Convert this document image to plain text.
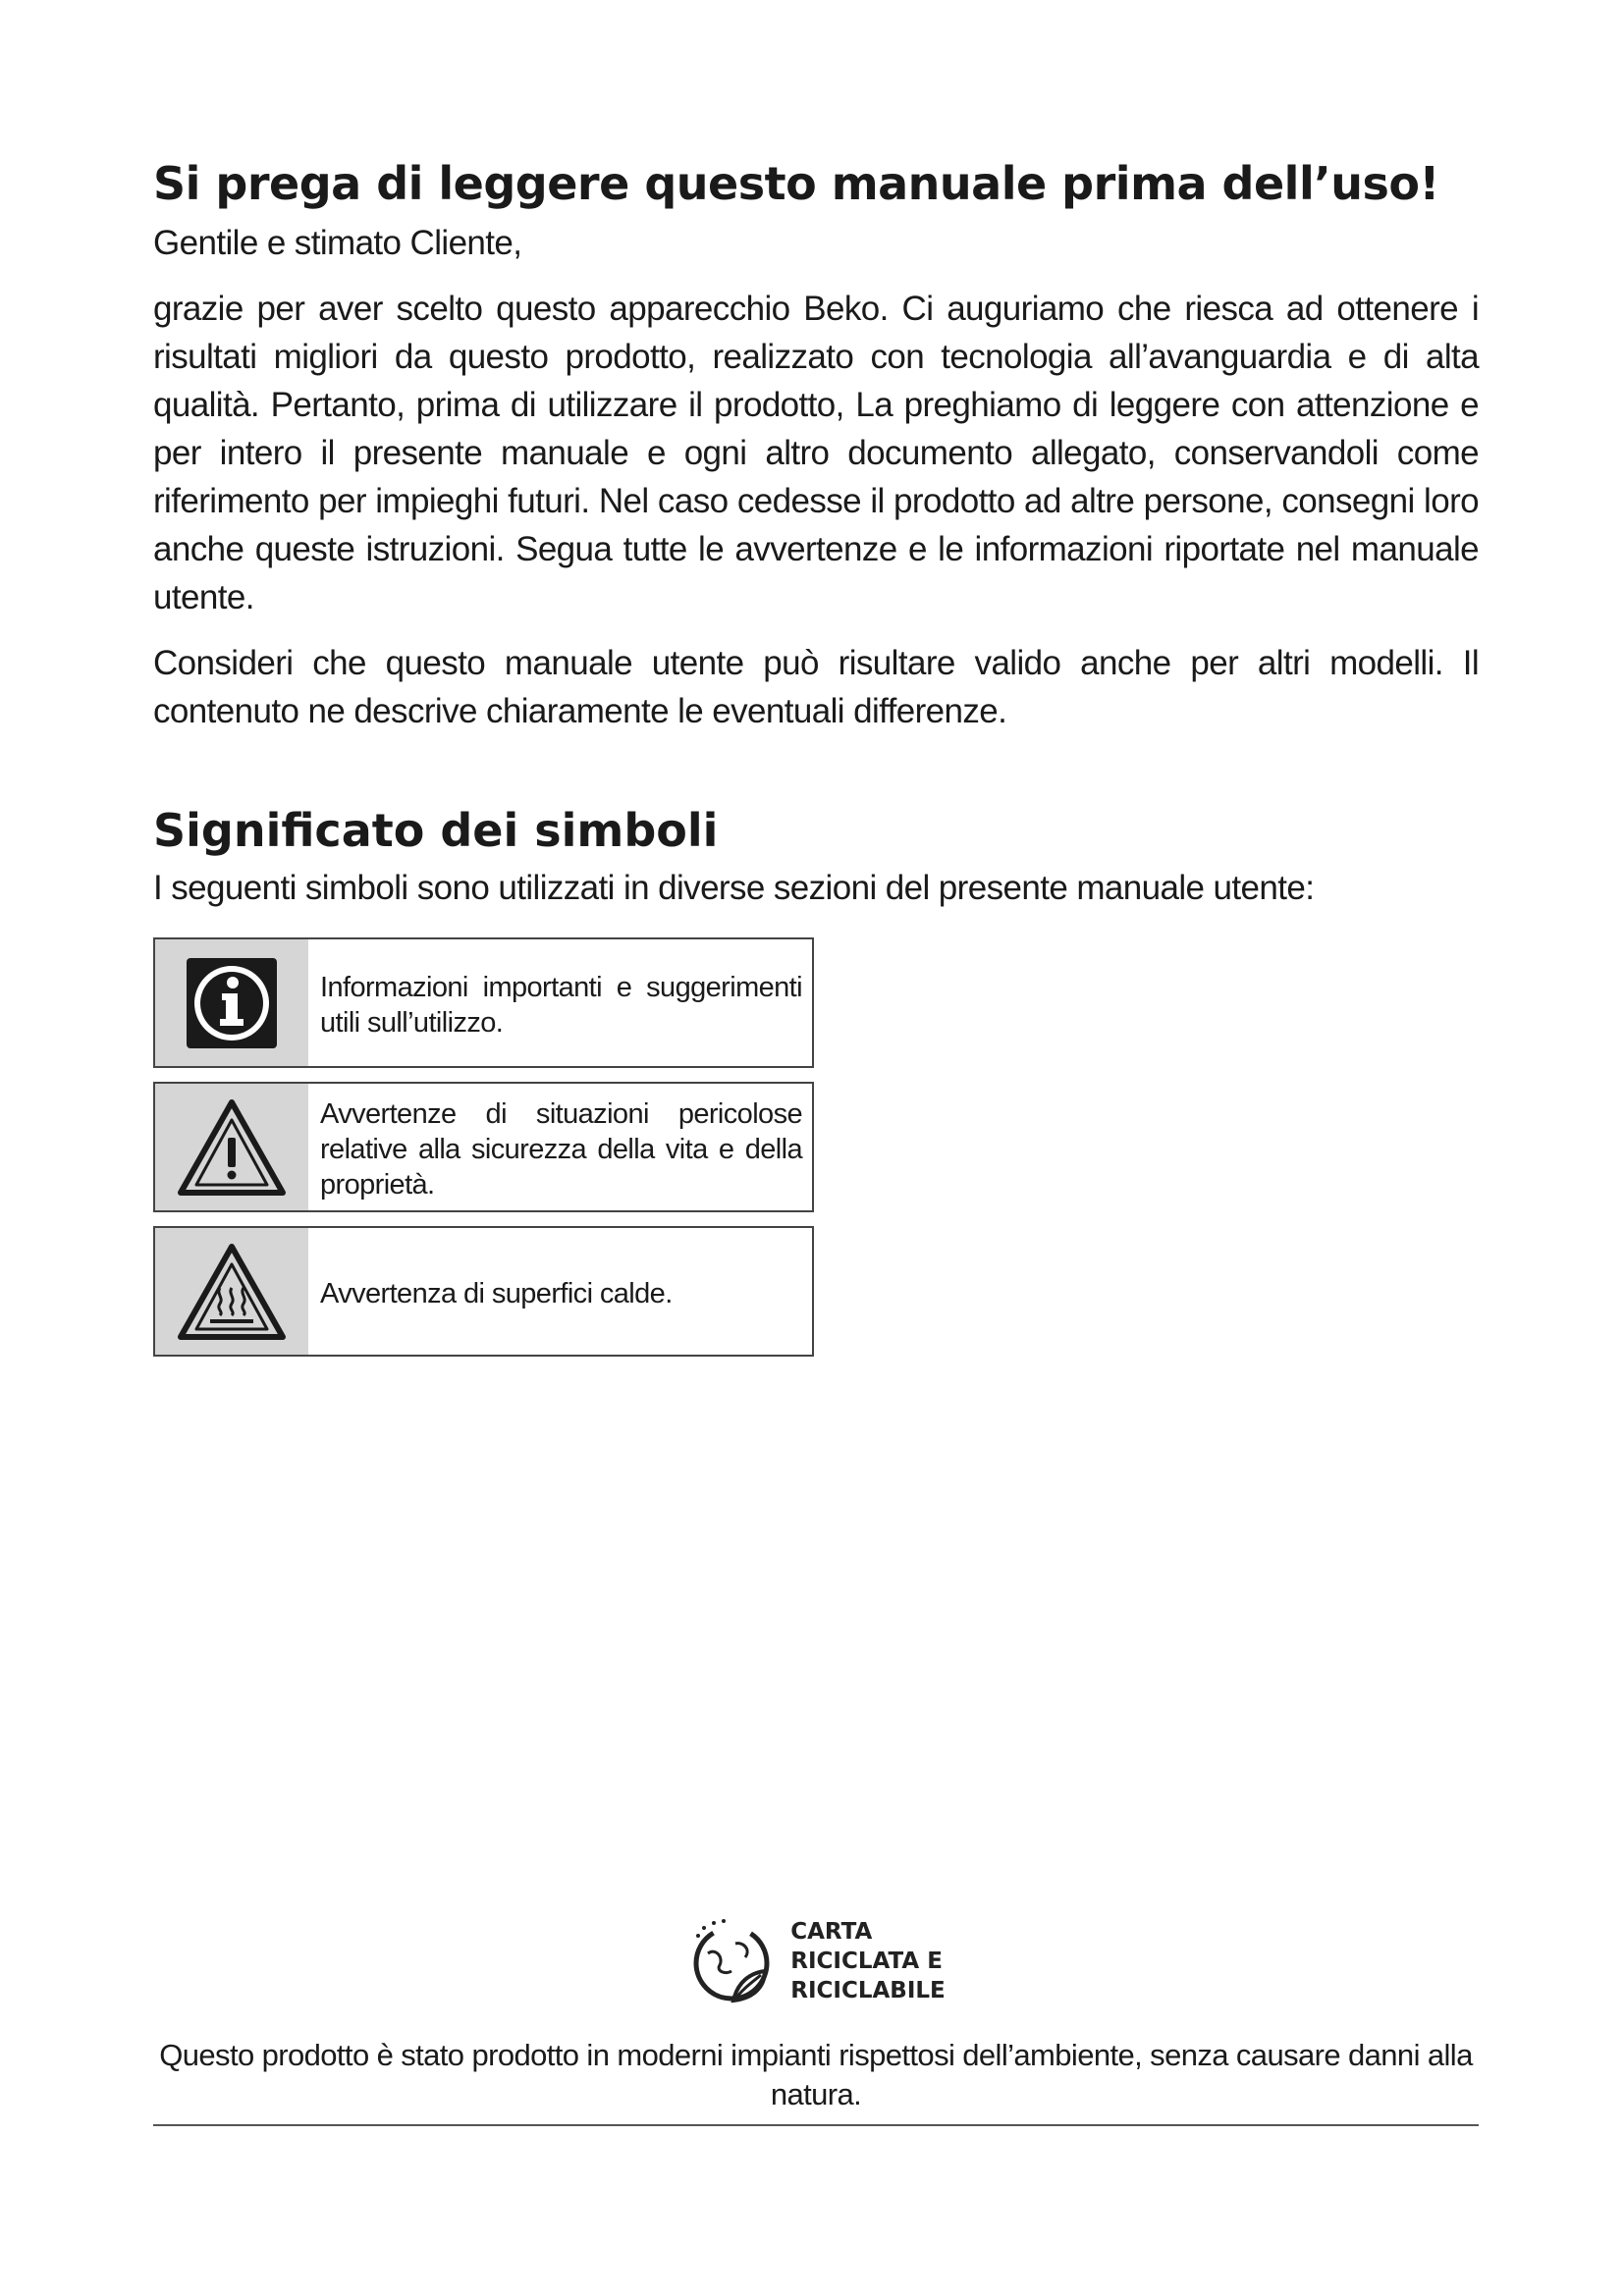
Si prega di leggere questo manuale prima dell’uso!

Gentile e stimato Cliente,

grazie per aver scelto questo apparecchio Beko. Ci auguriamo che riesca ad ottenere i risultati migliori da questo prodotto, realizzato con tecnologia all’avanguardia e di alta qualità. Pertanto, prima di utilizzare il prodotto, La preghiamo di leggere con attenzione e per intero il presente manuale e ogni altro documento allegato, conservandoli come riferimento per impieghi futuri. Nel caso cedesse il prodotto ad altre persone, consegni loro anche queste istruzioni. Segua tutte le avvertenze e le informazioni riportate nel manuale utente.

Consideri che questo manuale utente può risultare valido anche per altri modelli. Il contenuto ne descrive chiaramente le eventuali differenze.

Significato dei simboli

I seguenti simboli sono utilizzati in diverse sezioni del presente manuale utente:

Informazioni importanti e suggerimenti utili sull’utilizzo.
Avvertenze di situazioni pericolose relative alla sicurezza della vita e della proprietà.
Avvertenza di superfici calde.
CARTA
RICICLATA E
RICICLABILE

Questo prodotto è stato prodotto in moderni impianti rispettosi dell’ambiente, senza causare danni alla natura.
